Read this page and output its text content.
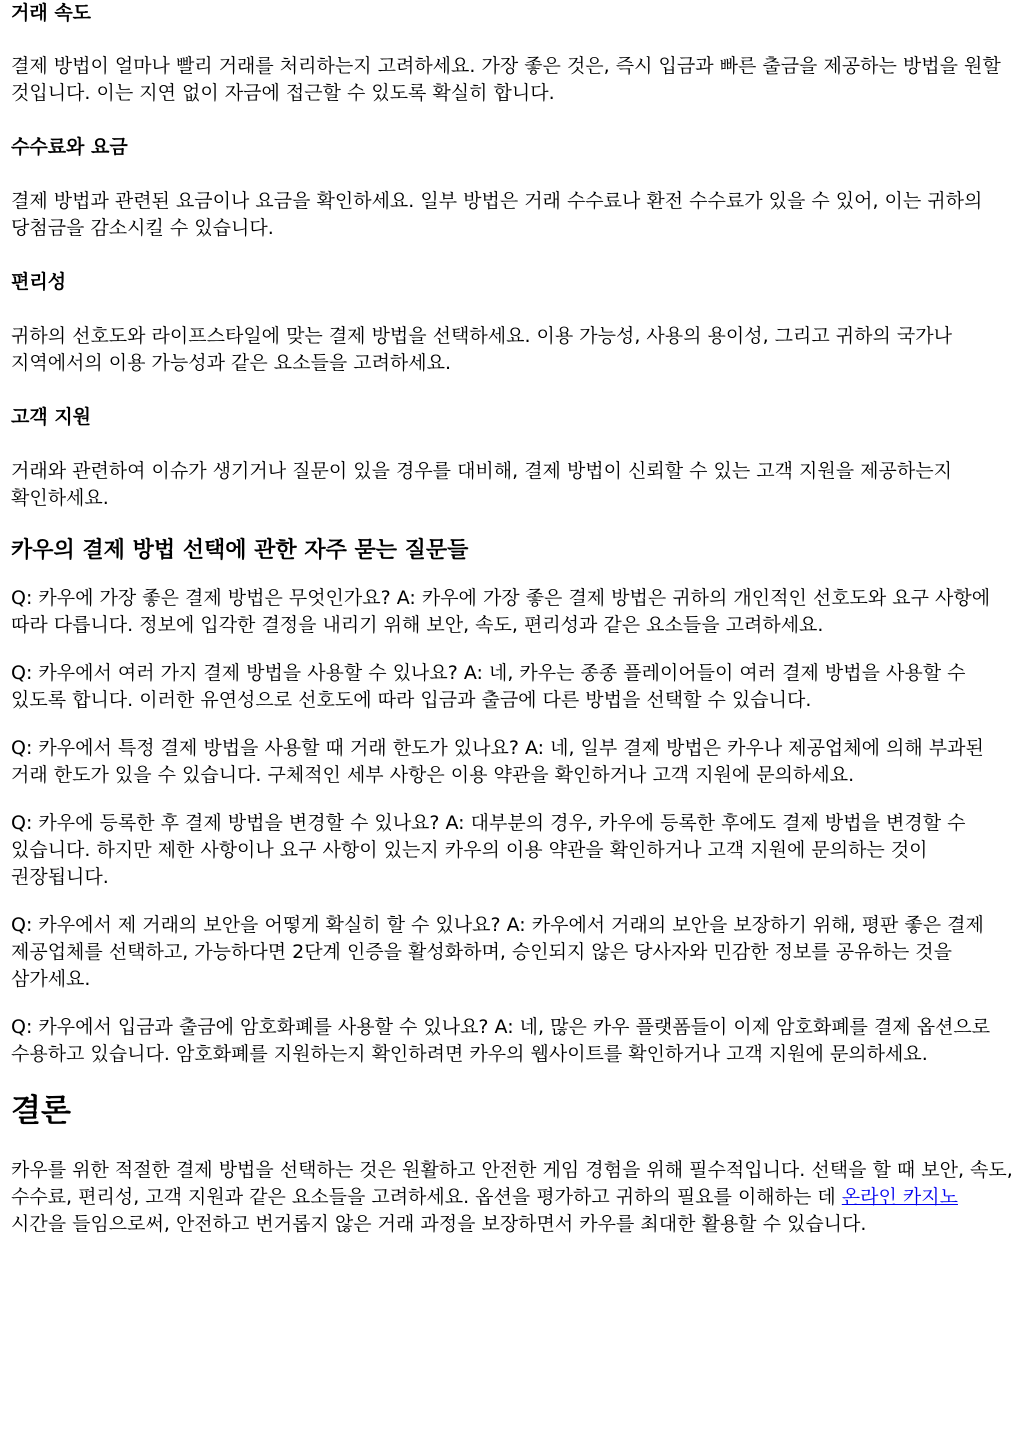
거래 속도

결제 방법이 얼마나 빨리 거래를 처리하는지 고려하세요. 가장 좋은 것은, 즉시 입금과 빠른 출금을 제공하는 방법을 원할 것입니다. 이는 지연 없이 자금에 접근할 수 있도록 확실히 합니다.

수수료와 요금

결제 방법과 관련된 요금이나 요금을 확인하세요. 일부 방법은 거래 수수료나 환전 수수료가 있을 수 있어, 이는 귀하의 당첨금을 감소시킬 수 있습니다.

편리성

귀하의 선호도와 라이프스타일에 맞는 결제 방법을 선택하세요. 이용 가능성, 사용의 용이성, 그리고 귀하의 국가나 지역에서의 이용 가능성과 같은 요소들을 고려하세요.

고객 지원

거래와 관련하여 이슈가 생기거나 질문이 있을 경우를 대비해, 결제 방법이 신뢰할 수 있는 고객 지원을 제공하는지 확인하세요.

카우의 결제 방법 선택에 관한 자주 묻는 질문들

Q: 카우에 가장 좋은 결제 방법은 무엇인가요? A: 카우에 가장 좋은 결제 방법은 귀하의 개인적인 선호도와 요구 사항에 따라 다릅니다. 정보에 입각한 결정을 내리기 위해 보안, 속도, 편리성과 같은 요소들을 고려하세요.

Q: 카우에서 여러 가지 결제 방법을 사용할 수 있나요? A: 네, 카우는 종종 플레이어들이 여러 결제 방법을 사용할 수 있도록 합니다. 이러한 유연성으로 선호도에 따라 입금과 출금에 다른 방법을 선택할 수 있습니다.

Q: 카우에서 특정 결제 방법을 사용할 때 거래 한도가 있나요? A: 네, 일부 결제 방법은 카우나 제공업체에 의해 부과된 거래 한도가 있을 수 있습니다. 구체적인 세부 사항은 이용 약관을 확인하거나 고객 지원에 문의하세요.

Q: 카우에 등록한 후 결제 방법을 변경할 수 있나요? A: 대부분의 경우, 카우에 등록한 후에도 결제 방법을 변경할 수 있습니다. 하지만 제한 사항이나 요구 사항이 있는지 카우의 이용 약관을 확인하거나 고객 지원에 문의하는 것이 권장됩니다.

Q: 카우에서 제 거래의 보안을 어떻게 확실히 할 수 있나요? A: 카우에서 거래의 보안을 보장하기 위해, 평판 좋은 결제 제공업체를 선택하고, 가능하다면 2단계 인증을 활성화하며, 승인되지 않은 당사자와 민감한 정보를 공유하는 것을 삼가세요.

Q: 카우에서 입금과 출금에 암호화폐를 사용할 수 있나요? A: 네, 많은 카우 플랫폼들이 이제 암호화폐를 결제 옵션으로 수용하고 있습니다. 암호화폐를 지원하는지 확인하려면 카우의 웹사이트를 확인하거나 고객 지원에 문의하세요.

결론

카우를 위한 적절한 결제 방법을 선택하는 것은 원활하고 안전한 게임 경험을 위해 필수적입니다. 선택을 할 때 보안, 속도, 수수료, 편리성, 고객 지원과 같은 요소들을 고려하세요. 옵션을 평가하고 귀하의 필요를 이해하는 데 온라인 카지노 시간을 들임으로써, 안전하고 번거롭지 않은 거래 과정을 보장하면서 카우를 최대한 활용할 수 있습니다.
